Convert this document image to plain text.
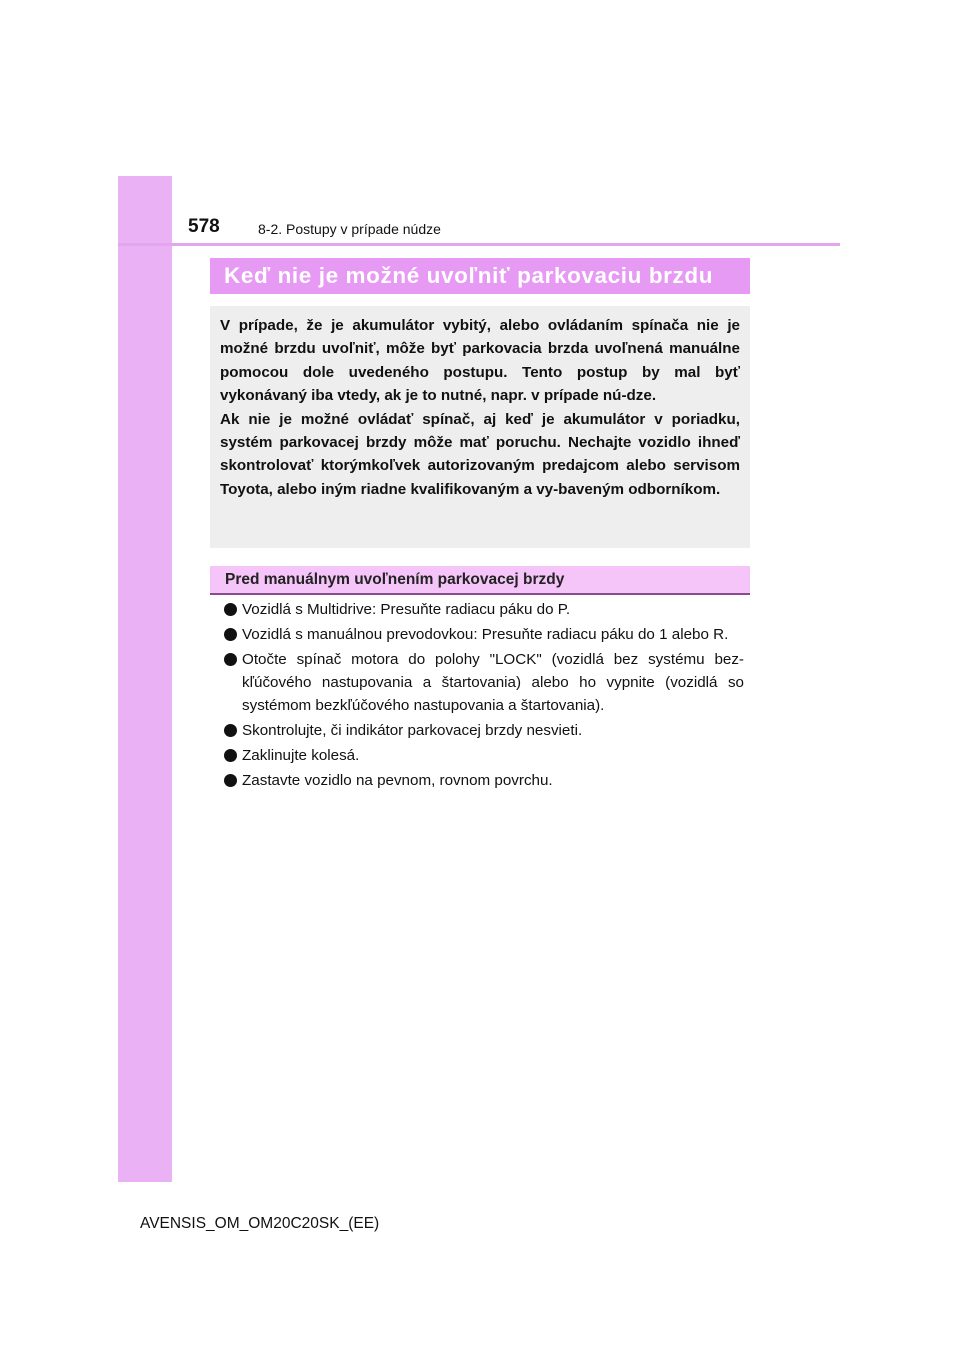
578	8-2. Postupy v prípade núdze
Keď nie je možné uvoľniť parkovaciu brzdu

V prípade, že je akumulátor vybitý, alebo ovládaním spínača nie je možné brzdu uvoľniť, môže byť parkovacia brzda uvoľnená manuálne pomocou dole uvedeného postupu. Tento postup by mal byť vykonávaný iba vtedy, ak je to nutné, napr. v prípade nú-dze.

Ak nie je možné ovládať spínač, aj keď je akumulátor v poriadku, systém parkovacej brzdy môže mať poruchu. Nechajte vozidlo ihneď skontrolovať ktorýmkoľvek autorizovaným predajcom alebo servisom Toyota, alebo iným riadne kvalifikovaným a vy-baveným odborníkom.

Pred manuálnym uvoľnením parkovacej brzdy
Vozidlá s Multidrive: Presuňte radiacu páku do P.
Vozidlá s manuálnou prevodovkou: Presuňte radiacu páku do 1 alebo R.
Otočte spínač motora do polohy "LOCK" (vozidlá bez systému bez-kľúčového nastupovania a štartovania) alebo ho vypnite (vozidlá so systémom bezkľúčového nastupovania a štartovania).
Skontrolujte, či indikátor parkovacej brzdy nesvieti.
Zaklinujte kolesá.
Zastavte vozidlo na pevnom, rovnom povrchu.
AVENSIS_OM_OM20C20SK_(EE)
